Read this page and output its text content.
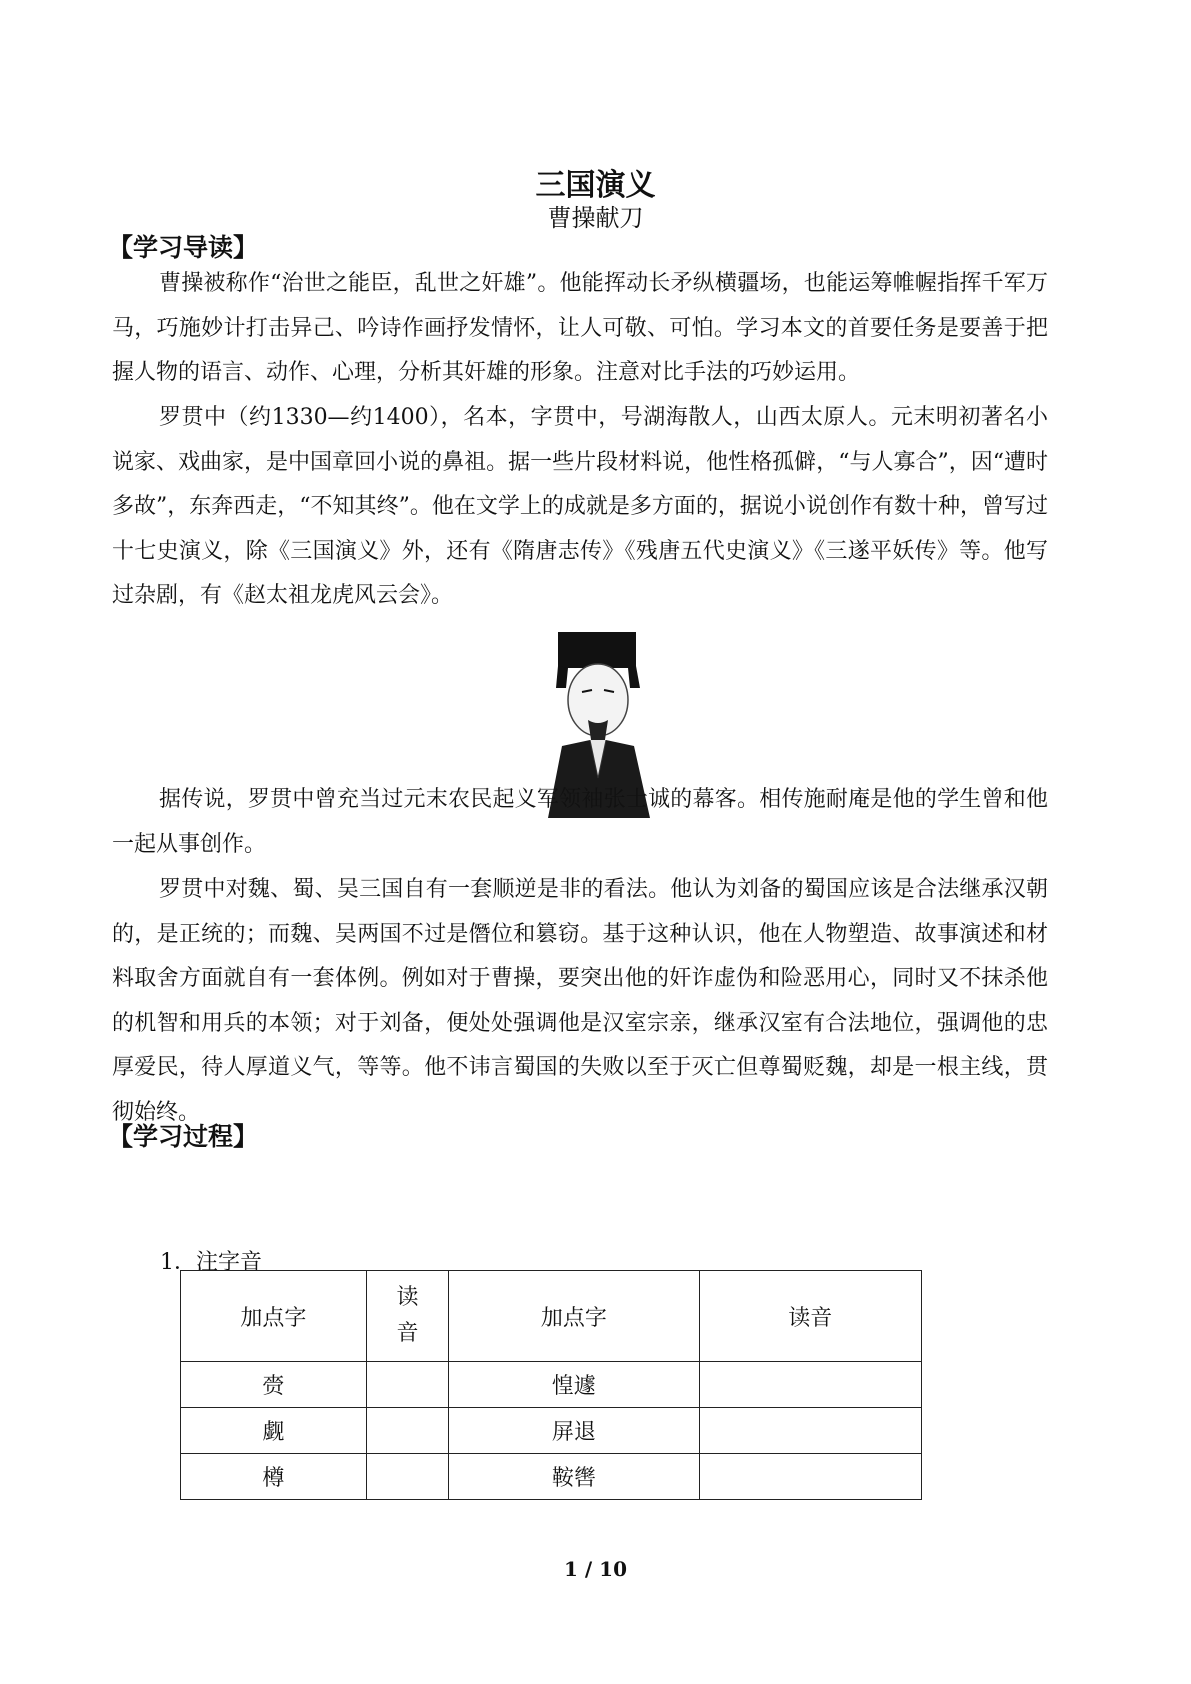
三国演义
曹操献刀
【学习导读】

曹操被称作“治世之能臣，乱世之奸雄”。他能挥动长矛纵横疆场，也能运筹帷幄指挥千军万马，巧施妙计打击异己、吟诗作画抒发情怀，让人可敬、可怕。学习本文的首要任务是要善于把握人物的语言、动作、心理，分析其奸雄的形象。注意对比手法的巧妙运用。

罗贯中（约1330—约1400），名本，字贯中，号湖海散人，山西太原人。元末明初著名小说家、戏曲家，是中国章回小说的鼻祖。据一些片段材料说，他性格孤僻，“与人寡合”，因“遭时多故”，东奔西走，“不知其终”。他在文学上的成就是多方面的，据说小说创作有数十种，曾写过十七史演义，除《三国演义》外，还有《隋唐志传》《残唐五代史演义》《三遂平妖传》等。他写过杂剧，有《赵太祖龙虎风云会》。

据传说，罗贯中曾充当过元末农民起义军领袖张士诚的幕客。相传施耐庵是他的学生曾和他一起从事创作。

罗贯中对魏、蜀、吴三国自有一套顺逆是非的看法。他认为刘备的蜀国应该是合法继承汉朝的，是正统的；而魏、吴两国不过是僭位和篡窃。基于这种认识，他在人物塑造、故事演述和材料取舍方面就自有一套体例。例如对于曹操，要突出他的奸诈虚伪和险恶用心，同时又不抹杀他的机智和用兵的本领；对于刘备，便处处强调他是汉室宗亲，继承汉室有合法地位，强调他的忠厚爱民，待人厚道义气，等等。他不讳言蜀国的失败以至于灭亡但尊蜀贬魏，却是一根主线，贯彻始终。

【学习过程】
1．注字音
加点字	读音	加点字	读音
赍		惶遽	
觑		屏退	
樽		鞍辔	
1 / 10
